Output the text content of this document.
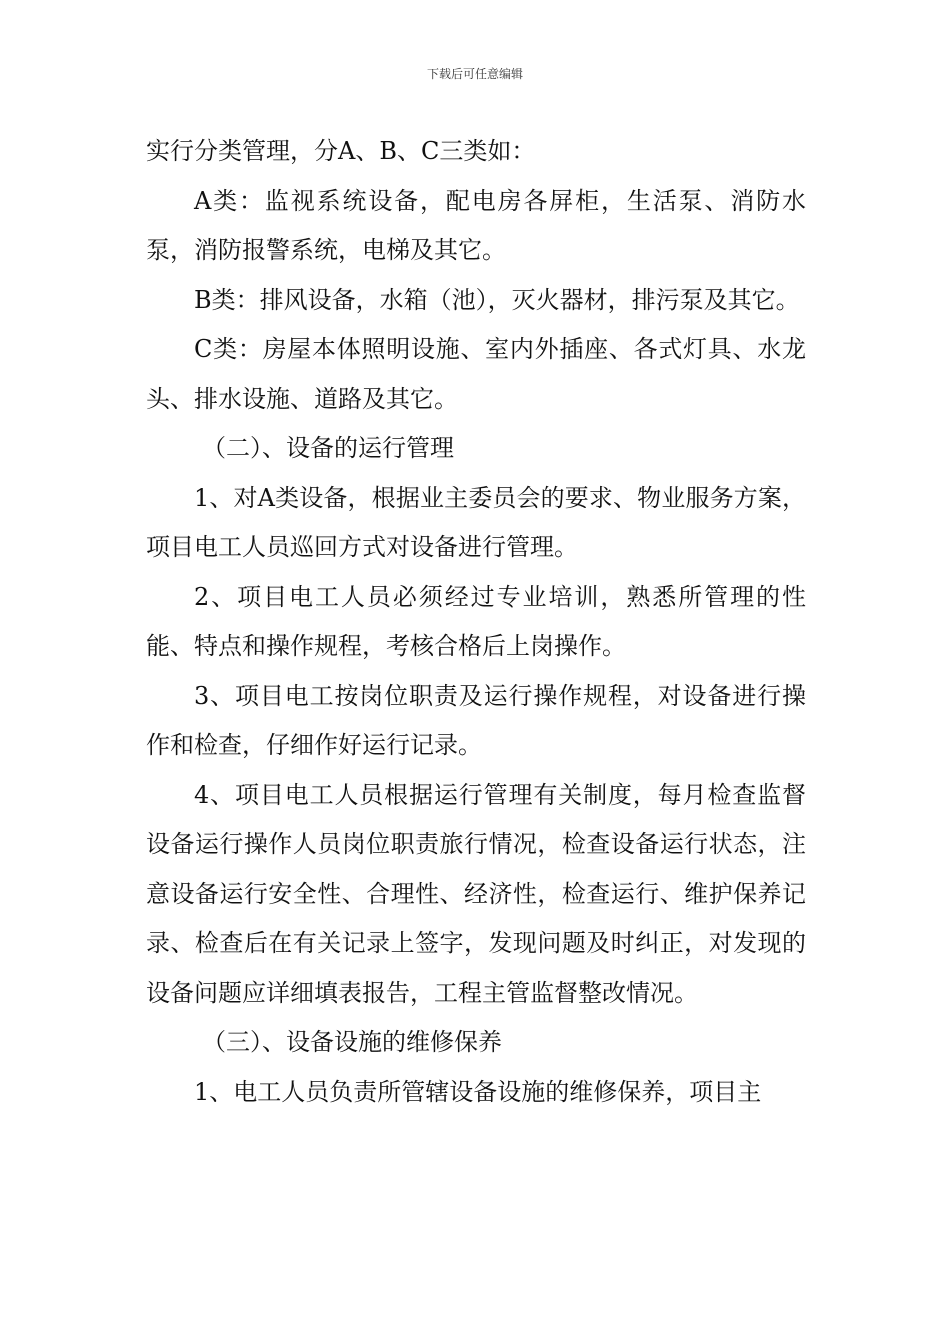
下载后可任意编辑

实行分类管理，分A、B、C三类如：

A类：监视系统设备，配电房各屏柜，生活泵、消防水泵，消防报警系统，电梯及其它。

B类：排风设备，水箱（池），灭火器材，排污泵及其它。

C类：房屋本体照明设施、室内外插座、各式灯具、水龙头、排水设施、道路及其它。

（二）、设备的运行管理

1、对A类设备，根据业主委员会的要求、物业服务方案，项目电工人员巡回方式对设备进行管理。

2、项目电工人员必须经过专业培训，熟悉所管理的性能、特点和操作规程，考核合格后上岗操作。

3、项目电工按岗位职责及运行操作规程，对设备进行操作和检查，仔细作好运行记录。

4、项目电工人员根据运行管理有关制度，每月检查监督设备运行操作人员岗位职责旅行情况，检查设备运行状态，注意设备运行安全性、合理性、经济性，检查运行、维护保养记录、检查后在有关记录上签字，发现问题及时纠正，对发现的设备问题应详细填表报告，工程主管监督整改情况。

（三）、设备设施的维修保养

1、电工人员负责所管辖设备设施的维修保养，项目主
